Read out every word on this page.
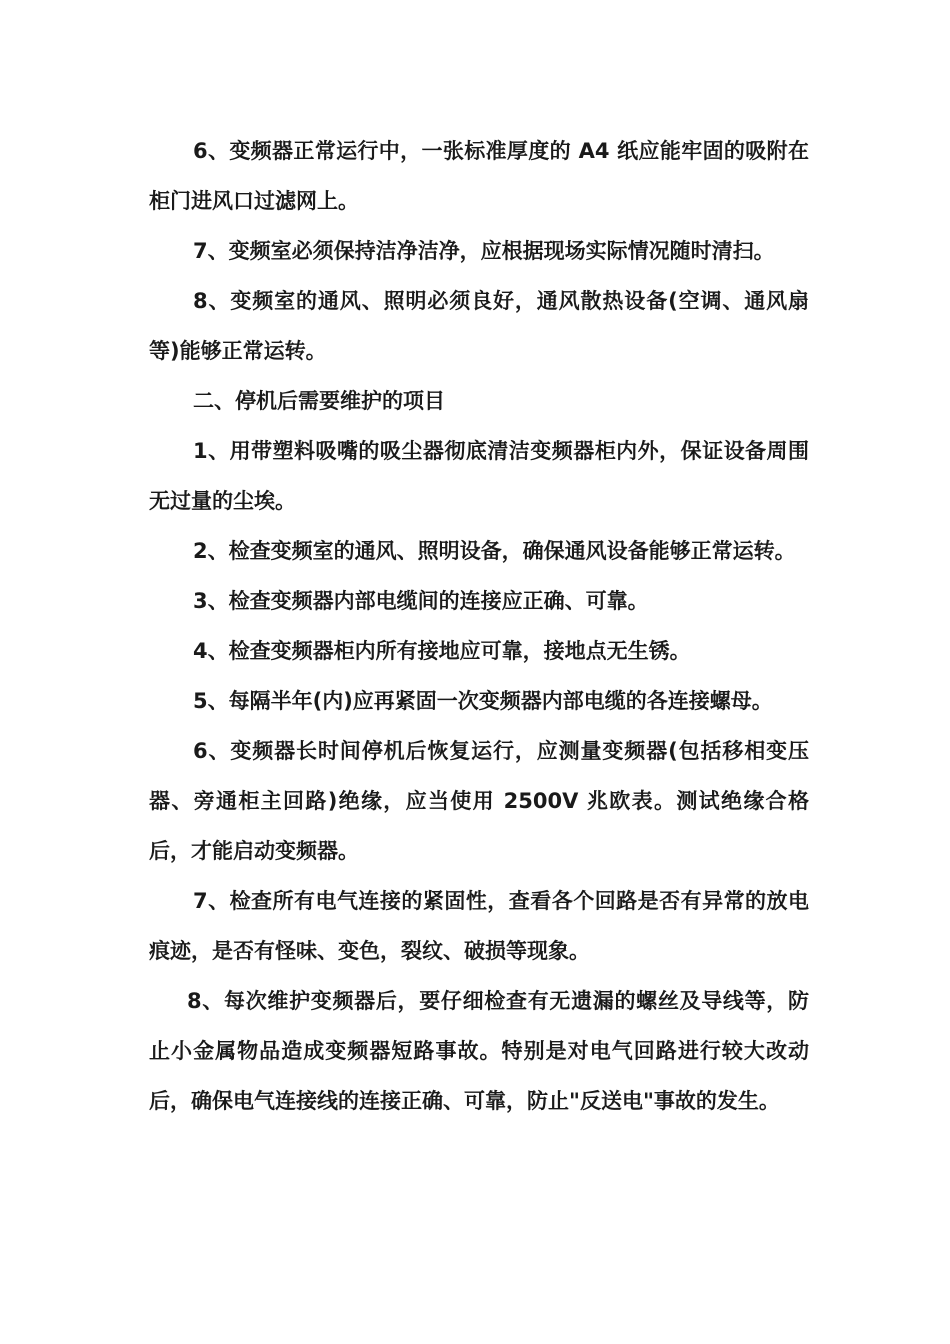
6、变频器正常运行中，一张标准厚度的 A4 纸应能牢固的吸附在柜门进风口过滤网上。

7、变频室必须保持洁净洁净，应根据现场实际情况随时清扫。

8、变频室的通风、照明必须良好，通风散热设备(空调、通风扇等)能够正常运转。

二、停机后需要维护的项目

1、用带塑料吸嘴的吸尘器彻底清洁变频器柜内外，保证设备周围无过量的尘埃。

2、检查变频室的通风、照明设备，确保通风设备能够正常运转。

3、检查变频器内部电缆间的连接应正确、可靠。

4、检查变频器柜内所有接地应可靠，接地点无生锈。

5、每隔半年(内)应再紧固一次变频器内部电缆的各连接螺母。

6、变频器长时间停机后恢复运行，应测量变频器(包括移相变压器、旁通柜主回路)绝缘，应当使用 2500V 兆欧表。测试绝缘合格后，才能启动变频器。

7、检查所有电气连接的紧固性，查看各个回路是否有异常的放电痕迹，是否有怪味、变色，裂纹、破损等现象。

8、每次维护变频器后，要仔细检查有无遗漏的螺丝及导线等，防止小金属物品造成变频器短路事故。特别是对电气回路进行较大改动后，确保电气连接线的连接正确、可靠，防止"反送电"事故的发生。
